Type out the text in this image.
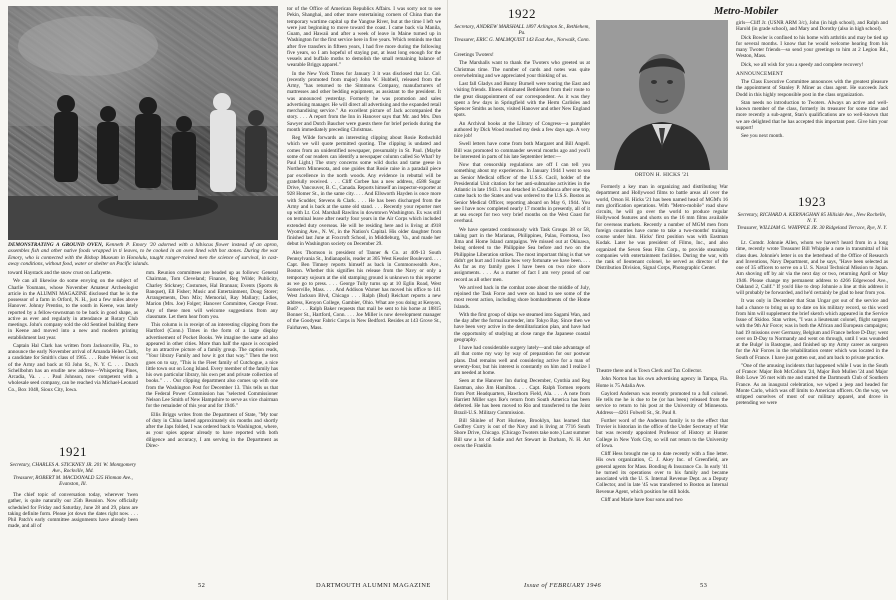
DEMONSTRATING A GROUND OVEN, Kenneth P. Emory '20 adorned with a hibiscus flower instead of an apron, assembles fish and other native foods wrapped in ti leaves, to be cooked in an oven lined with hot stones. During the war Emory, who is connected with the Bishop Museum in Honolulu, taught ranger-trained men the science of survival, in cast-away conditions, without food, water or shelter on Pacific islands.

toward Haystack and the snow crust on Lafayette.

We can all likewise do some envying on the subject of Charlie Youmans, whose November Amateur Archeologist article in the ALUMNI MAGAZINE disclosed that he is the possessor of a farm in Orford, N. H., just a few miles above Hanover. Johnny Prentiss, to the south in Keene, was lately reported by a fellow-townsman to be back in good shape, as active as ever and regularly in attendance at Rotary Club meetings. John's company sold the old Sentinel building there in Keene and moved into a new and modern printing establishment last year.

Captain Hal Clark has written from Jacksonville, Fla., to announce the early November arrival of Amanda Helen Clark, a candidate for Smith's class of 1965. . . . Rube Weiser is out of the Army and back at 83 John St., N. Y. C. . . . Dutch Schellbohm has an erudite new address—Whispering Pines, Arcadia, Va. . . . Paul Johnson, now competent with a wholesale seed company, can be reached via Michael-Leonard Co., Box 1048, Sioux City, Iowa.

1921
Secretary, CHARLES A. STICKNEY JR. 201 W. Montgomery Ave., Rockville, Md.
Treasurer, ROBERT M. MACDONALD 525 Hinman Ave., Evanston, Ill.

The chief topic of conversation today, wherever 'twen gather, is quite naturally our 25th Reunion. Now officially scheduled for Friday and Saturday, June 28 and 29, plans are taking definite form. Please jot down the dates right now. . . . Phil Patch's early committee assignments have already been made, and all of

mm. Reunion committees are headed up as follows: General Chairman, Tom Cleveland; Finance, Reg Wilde; Publicity, Charley Stickney; Costumes, Hal Brannan; Events (Sports & Banquet), Ell Fisher; Music and Entertainment, Doug Storer; Arrangements, Don Mix; Memorial, Ray Mallary; Ladies, Marion (Mrs. Joe) Folger; Hanover Committee, George Frost. Any of these men will welcome suggestions from any classmate. Let them hear from you.

This column is in receipt of an interesting clipping from the Hartford (Conn.) Times in the form of a large display advertisement of Pocket Books. We imagine the same ad also appeared in other cities. More than half the space is occupied by an attractive picture of a family group. The caption reads, "Your library Family and how it got that way." Then the text goes on to say, "This is the Fleet family of Cutchogue, a nice little town out on Long Island. Every member of the family has his own particular library, his own pet and private collection of books." . . . Our clipping department also comes up with one from the Washington Post for December 13. This tells us that the Federal Power Commission has "selected Commissioner Nelson Lee Smith of New Hampshire to serve as vice chairman for the remainder of this year and for 1946."

Ellis Briggs writes from the Department of State, "My tour of duty in China lasted approximately six months and shortly after the Japs folded, I was ordered back to Washington, where, as your spies appear already to have reported with both diligence and accuracy, I am serving in the Department as Direc-

tor of the Office of American Republics Affairs. I was sorry not to see Pekin, Shanghai, and other more entertaining corners of China than the temporary wartime capital up the Yangtse River, but at the time I left we were just beginning to move toward the coast. I came back via Manila, Guam, and Hawaii and after a week of leave in Maine turned up in Washington for the first service here in five years. Which reminds me that after five transfers in fifteen years, I had five more during the following five years, so I am hopeful of staying put, at least long enough for the vessels and buffalo moths to demolish the small remaining balance of wearable Briggs apparel."

In the New York Times for January 3 it was disclosed that Lt. Col. (recently promoted from major) John W. Hubbell, released from the Army, "has returned to the Simmons Company, manufacturers of mattresses and other bedding equipment, as assistant to the president. It was announced yesterday. Formerly he was promotion and sales advertising manager. He will direct all advertising and the expanded retail merchandising service." An excellent picture of Jack accompanied the story. . . . A report from the Inn in Hanover says that Mr. and Mrs. Don Sawyer and Dutch Baucher were guests there for brief periods during the month immediately preceding Christmas.

Reg Wilde forwards an interesting clipping about Rosie Rothschild which we will quote permitted quoting. The clipping is undated and comes from an unidentified newspaper, presumably in St. Paul. (Maybe some of our readers can identify a newspaper column called So What? by Paul Light.) The story concerns some wild ducks and tame geese in Northern Minnesota, and one guides that Rosie raise in a paradail piece par excellence in the north woods. Any evidence in rebuttal will be gratefully received. . . . Cliff Corbee has a new address, 4588 Sugar Drive, Vancouver, B. C., Canada. Reports himself an inspector-exporter at 928 Homer St., in the same city. . . . And Ellsworth Hayden is once more with Scudder, Stevens & Clark. . . . He has been discharged from the Army and is back at the same old stand. . . . Recently your reporter met up with Lt. Col. Marshall Rawlins in downtown Washington. Ex was still on terminal leave after nearly four years in the Air Corps which included extended duty overseas. He will be residing here and is living at 4918 Wyoming Ave., N. W., in the Nation's Capital. His older daughter from finished last June at Foxcroft School, in Middleburg, Va., and made her debut in Washington society on December 29.

Alex Thomson is president of Tanner & Co. at 409-13 South Pennsylvania St., Indianapolis, reader at 305 West Kessler Boulevard. . . . Capt. Ben Timney reports himself as back in Commonwealth Ave., Boston. Whether this signifies his release from the Navy or only a temporary sojourn at the old stamping ground is unknown to this reporter as we go to press. . . . George Tully turns up at 10 Eglin Road, West Somerville, Mass. . . . And Addison Warner has moved his office to 141 West Jackson Blvd, Chicago . . . Ralph (Bud) Reichart reports a new address, Kenyon College, Gambier, Ohio. What are you doing at Kenyon, Bud? . . . Ralph Baker requests that mail be sent to his home at 18815 Bonner St., Hartford, Conn. . . . Joe Miller is now development manager of the Goodyear Fabric Corps in New Bedford. Resides at 143 Grove St., Fairhaven, Mass.

52	DARTMOUTH ALUMNI MAGAZINE
1922
Secretary, ANDREW MARSHALL 1897 Arlington St., Bethlehem, Pa.
Treasurer, ERIC G. MALMQUIST 143 East Ave., Norwalk, Conn.

Greetings Twoters!

The Marshalls want to thank the Twoters who greeted us at Christmas time. The number of cards and notes was quite overwhelming and we appreciated your thinking of us.

Last fall Gladys and Bunny Burnell were touring the East and visiting friends. Illness eliminated Bethlehem from their route to the great disappointment of our correspondent. As it was they spent a few days in Springfield with the Herm Carlisles and Spencer Smiths as hosts, visited Hanover and other New England spots.

An Archival books at the Library of Congress—a pamphlet authored by Dick Wood reached my desk a few days ago. A very nice job!

Swell letters have come from both Margaret and Bill Angell. Bill was promoted to commander several months ago and you'll be interested in parts of his late September letter:—

Now that censorship regulations are off I can tell you something about my experiences. In January 1944 I went to sea as Senior Medical officer of the U.S.S. Cacil, holder of the Presidential Unit citation for her anti-submarine activities in the Atlantic in late 1943. I was detached in Casablanca after one trip, came back to the States and was ordered to the U.S.S. Boston as Senior Medical Officer, reporting aboard on May 6, 1944. You see I have now completed nearly 17 months in presently, all of it at sea except for two very brief months on the West Coast for overhaul.

We have operated continuously with Task Groups 38 or 58, taking part in the Marianas, Philippines, Palau, Formosa, Iwo Jima and Home Island campaigns. We missed out at Okinawa, being ordered to the Philippine Sea before and two on the Philippine Liberation strikes. The most important thing is that we didn't get hurt and I realize how very fortunate we have been. . . . As far as my family goes I have been on two nice shore assignments. . . . As a matter of fact I am very proud of our record as all other men.

We arrived back in the combat zone about the middle of July, rejoined the Task Force and were on hand to see some of the most recent action, including shore bombardments of the Home Islands.

With the first group of ships we steamed into Sagami Wan, and the day after the formal surrender, into Tokyo Bay. Since then we have been very active in the demilitarization plan, and have had the opportunity of studying at close range the Japanese coastal geography.

I have had considerable surgery lately—and take advantage of all that come my way by way of preparation for our postwar plans. Dad remains well and considering active for a man of seventy-four, but his interest is constantly on him and I realize I am needed at home.

Seen at the Hanover Inn during December, Cynthia and Reg Eastman, also Jim Hamilton. . . . Capt. Ralph Tormen reports from Port Headquarters, Hawthorn Field, Ala. . . . A note from Harriett Miller says Ike's return from South America has been deferred. He has been moved to Rio and transferred to the Joint Brazil-U.S. Military Commission.

Bill Shinlee of Port Huriene, Brooklyn, has learned that Godfrey Curry is out of the Navy and is living at 7716 South Shore Drive, Chicago. (Chicago Twoters take note.) Last summer Bill saw a lot of Sadie and Art Stewart in Durham, N. H. Art owns the Franklin

Metro-Mobiler
ORTON H. HICKS '21

Formerly a key man in organizing and distributing War department and Hollywood films to battle areas all over the world, Orson H. Hicks '21 has been named head of MGM's 16 mm glorification operations. With "Metro-mobile" road show circuits, he will go over the world to produce regular Hollywood features and shorts on the 16 mm films available for overseas markets. Recently a number of MGM men from foreign countries have come to take a two-months' training course under him. Hicks' first position was with Eastman Kodak. Later he was president of Filmo, Inc., and also organized the Seven Seas Film Corp., to provide steamship companies with entertainment facilities. During the war, with the rank of lieutenant colonel, he served as director of the Distribution Division, Signal Corps, Photographic Center.

Theatre there and is Town Clerk and Tax Collector.

John Norton has his own advertising agency in Tampa, Fla. Home is 75 Adalia Ave.

Gaylord Anderson was recently promoted to a full colonel. He tells me he is due to be (or has been) released from the service to return to his post at the University of Minnesota. Address—4261 Folwell St., St. Paul 8.

Further word of the Anderson family is to the effect that Trovier is historian in the office of the Under Secretary of War but was recently appointed Professor of History at Hunter College in New York City, so will not return to the University of Iowa.

Cliff Hess brought me up to date recently with a fine letter. His own organization, C. J. Akey Inc. of Greenfield, are general agents for Mass. Bonding & Insurance Co. In early '41 he turned its operations over to his family and became associated with the U. S. Internal Revenue Dept. as a Deputy Collector, and in late '45 was transferred to Boston as Internal Revenue Agent, which position he still holds.

Cliff and Marie have four sons and two

girls—Cliff Jr. (USNR ARM 3/c), John (in high school), and Ralph and Harold (in grade school), and Mary and Dorothy (also in high school).

Dick Bowler is confined to his home with arthritis and may be tied up for several months. I know that he would welcome hearing from his many Twoter friends—so send your greetings to him at 2 Legion Rd., Weston, Mass.

Dick, we all wish for you a speedy and complete recovery!

ANNOUNCEMENT

The Class Executive Committee announces with the greatest pleasure the appointment of Stanley P. Miner as class agent. He succeeds Jack Dodd in this highly responsible post in the class organization.

Stan needs no introduction to Twoters. Always an active and well-known member of the class, formerly its treasurer for some time and more recently a sub-agent, Stan's qualifications are so well-known that we are delighted that he has accepted this important post. Give him your support!

See you next month.

1923
Secretary, RICHARD A. KERNAGHAN 85 Hillside Ave., New Rochelle, N. Y.
Treasurer, WILLIAM G. WHIPPLE JR. 30 Ridgeland Terrace, Rye, N. Y.

Lt. Comdr. Johnnie Allen, whom we haven't heard from in a long time, recently wrote Treasurer Bill Whipple a note in transmittal of his class dues. Johnnie's letter is on the letterhead of the Office of Research and Inventions, Navy Department, and he says, "Have been selected as one of 35 officers to serve on a U. S. Naval Technical Mission to Japan. Am shoving off by air via the next day or two, returning April or May 1946. Please change my permanent address to 4266 Edgewood Ave., Oakland 2, Calif." If you'd like to drop Johnnie a line at this address it will probably be forwarded, and he'd certainly be glad to hear from you.

It was only in December that Stan Ungar got out of the service and had a chance to bring us up to date on his military record, so this word from him will supplement the brief sketch which appeared in the Service Issue of Skidoo. Stan writes, "I was a lieutenant colonel, flight surgeon with the 9th Air Force; was in both the African and European campaigns; had 19 missions over Germany, Belgium and France before D-Day; went over on D-Day to Normandy and went on through, until I was wounded at the Bulge' in Bastogne, and finished up my Army career as surgeon for the Air Forces in the rehabilitation center which was located in the South of France. I have just gotten out, and am back to private practice.

"One of the amusing incidents that happened while I was in the South of France: Major Bob McCollum '24, Major Bob Mullen '24 and Major Bob Lowe '26 met with me and started the Dartmouth Club of Southern France. As an inaugural celebration, we wiped a jeep and headed for Monte Carlo, which was off limits to American officers. On the way, we stripped ourselves of most of our military apparel, and drove in pretending we were

Issue of FEBRUARY 1946	53
